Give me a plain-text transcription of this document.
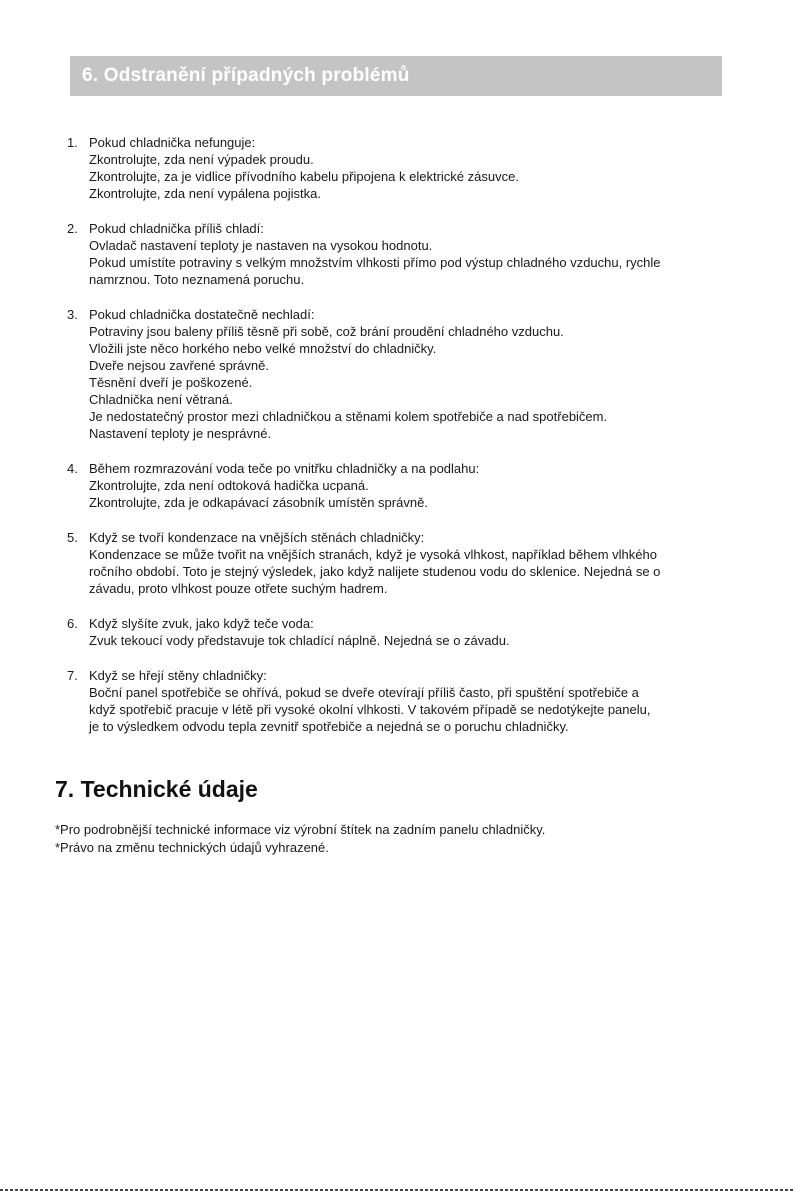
6. Odstranění případných problémů
1. Pokud chladnička nefunguje:
Zkontrolujte, zda není výpadek proudu.
Zkontrolujte, za je vidlice přívodního kabelu připojena k elektrické zásuvce.
Zkontrolujte, zda není vypálena pojistka.
2. Pokud chladnička příliš chladí:
Ovladač nastavení teploty je nastaven na vysokou hodnotu.
Pokud umístíte potraviny s velkým množstvím vlhkosti přímo pod výstup chladného vzduchu, rychle
namrznou. Toto neznamená poruchu.
3. Pokud chladnička dostatečně nechladí:
Potraviny jsou baleny příliš těsně při sobě, což brání proudění chladného vzduchu.
Vložili jste něco horkého nebo velké množství do chladničky.
Dveře nejsou zavřené správně.
Těsnění dveří je poškozené.
Chladnička není větraná.
Je nedostatečný prostor mezi chladničkou a stěnami kolem spotřebiče a nad spotřebičem.
Nastavení teploty je nesprávné.
4. Během rozmrazování voda teče po vnitřku chladničky a na podlahu:
Zkontrolujte, zda není odtoková hadička ucpaná.
Zkontrolujte, zda je odkapávací zásobník umístěn správně.
5. Když se tvoří kondenzace na vnějších stěnách chladničky:
Kondenzace se může tvořit na vnějších stranách, když je vysoká vlhkost, například během vlhkého
ročního období. Toto je stejný výsledek, jako když nalijete studenou vodu do sklenice. Nejedná se o
závadu, proto vlhkost pouze otřete suchým hadrem.
6. Když slyšíte zvuk, jako když teče voda:
Zvuk tekoucí vody představuje tok chladící náplně. Nejedná se o závadu.
7. Když se hřejí stěny chladničky:
Boční panel spotřebiče se ohřívá, pokud se dveře otevírají příliš často, při spuštění spotřebiče a
když spotřebič pracuje v létě při vysoké okolní vlhkosti. V takovém případě se nedotýkejte panelu,
je to výsledkem odvodu tepla zevnitř spotřebiče a nejedná se o poruchu chladničky.
7. Technické údaje
*Pro podrobnější technické informace viz výrobní štítek na zadním panelu chladničky.
*Právo na změnu technických údajů vyhrazené.
